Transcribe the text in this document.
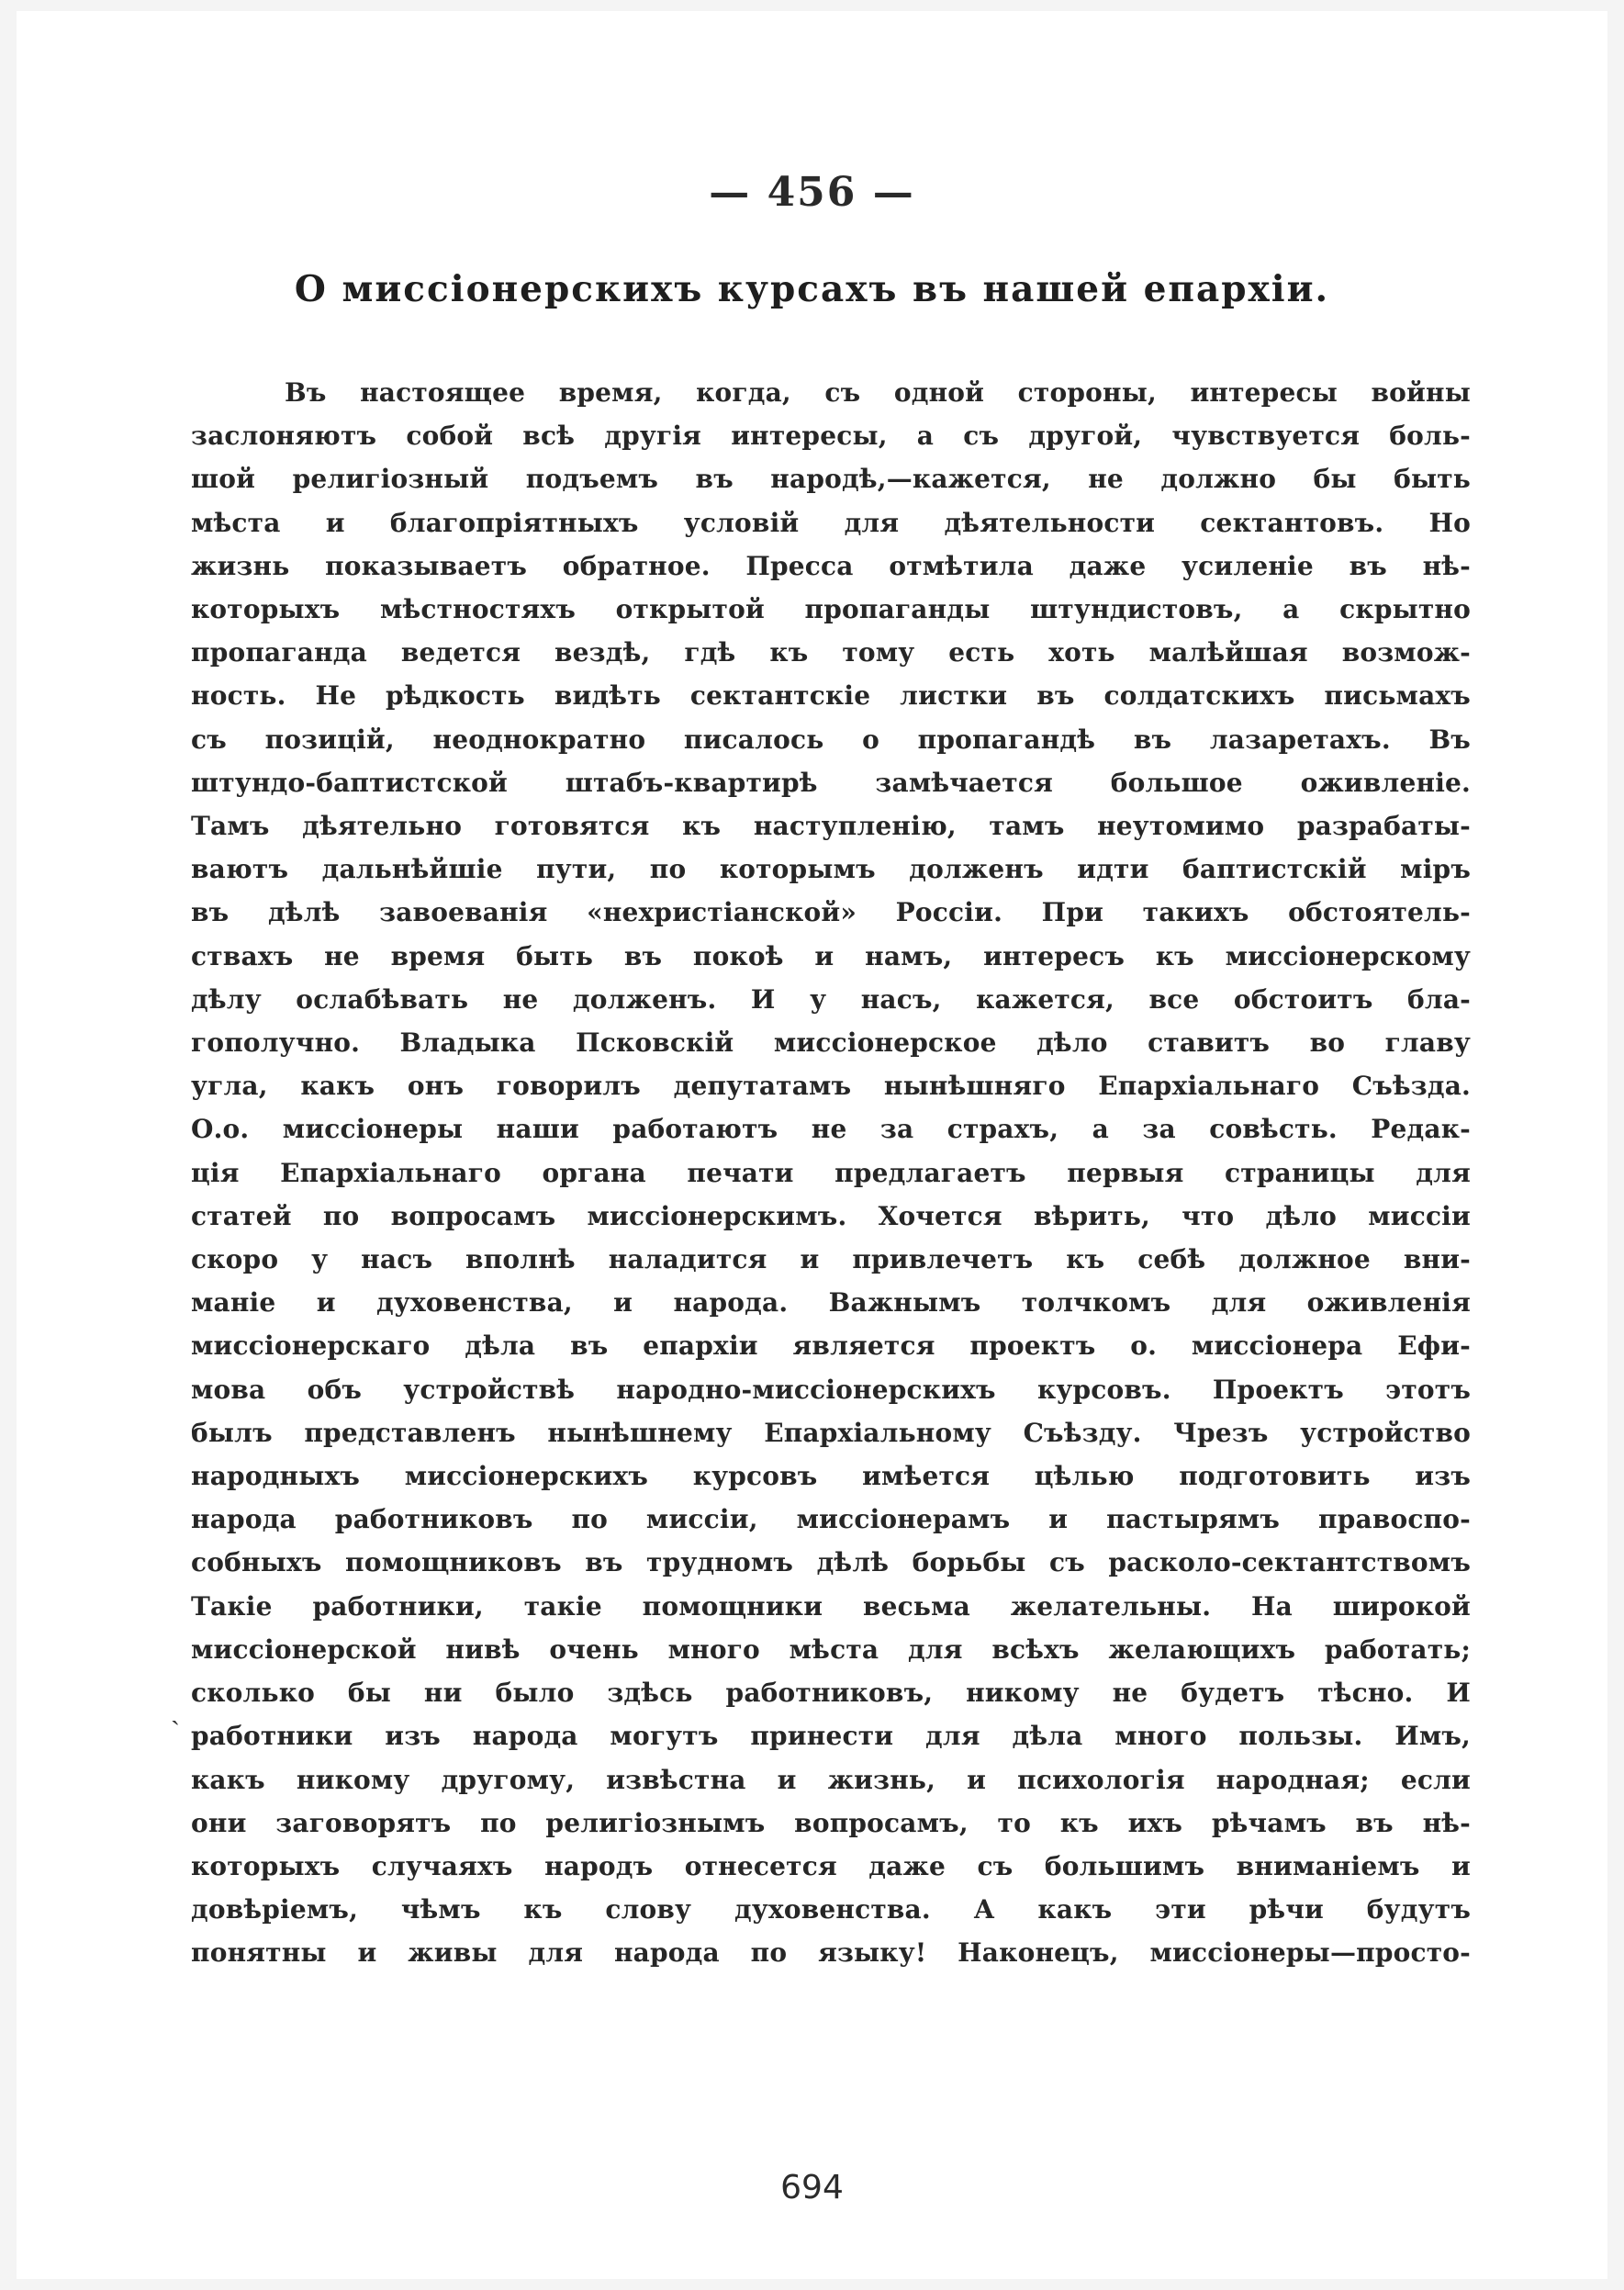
— 456 —
О миссіонерскихъ курсахъ въ нашей епархіи.
Въ настоящее время, когда, съ одной стороны, интересы войны
заслоняютъ собой всѣ другія интересы, а съ другой, чувствуется боль-
шой религіозный подъемъ въ народѣ,—кажется, не должно бы быть
мѣста и благопріятныхъ условій для дѣятельности сектантовъ. Но
жизнь показываетъ обратное. Пресса отмѣтила даже усиленіе въ нѣ-
которыхъ мѣстностяхъ открытой пропаганды штундистовъ, а скрытно
пропаганда ведется вездѣ, гдѣ къ тому есть хоть малѣйшая возмож-
ность. Не рѣдкость видѣть сектантскіе листки въ солдатскихъ письмахъ
съ позицій, неоднократно писалось о пропагандѣ въ лазаретахъ. Въ
штундо-баптистской штабъ-квартирѣ замѣчается большое оживленіе.
Тамъ дѣятельно готовятся къ наступленію, тамъ неутомимо разрабаты-
ваютъ дальнѣйшіе пути, по которымъ долженъ идти баптистскій міръ
въ дѣлѣ завоеванія «нехристіанской» Россіи. При такихъ обстоятель-
ствахъ не время быть въ покоѣ и намъ, интересъ къ миссіонерскому
дѣлу ослабѣвать не долженъ. И у насъ, кажется, все обстоитъ бла-
гополучно. Владыка Псковскій миссіонерское дѣло ставитъ во главу
угла, какъ онъ говорилъ депутатамъ нынѣшняго Епархіальнаго Съѣзда.
О.о. миссіонеры наши работаютъ не за страхъ, а за совѣсть. Редак-
ція Епархіальнаго органа печати предлагаетъ первыя страницы для
статей по вопросамъ миссіонерскимъ. Хочется вѣрить, что дѣло миссіи
скоро у насъ вполнѣ наладится и привлечетъ къ себѣ должное вни-
маніе и духовенства, и народа. Важнымъ толчкомъ для оживленія
миссіонерскаго дѣла въ епархіи является проектъ о. миссіонера Ефи-
мова объ устройствѣ народно-миссіонерскихъ курсовъ. Проектъ этотъ
былъ представленъ нынѣшнему Епархіальному Съѣзду. Чрезъ устройство
народныхъ миссіонерскихъ курсовъ имѣется цѣлью подготовить изъ
народа работниковъ по миссіи, миссіонерамъ и пастырямъ правоспо-
собныхъ помощниковъ въ трудномъ дѣлѣ борьбы съ расколо-сектантствомъ
Такіе работники, такіе помощники весьма желательны. На широкой
миссіонерской нивѣ очень много мѣста для всѣхъ желающихъ работать;
сколько бы ни было здѣсь работниковъ, никому не будетъ тѣсно. И
работники изъ народа могутъ принести для дѣла много пользы. Имъ,
какъ никому другому, извѣстна и жизнь, и психологія народная; если
они заговорятъ по религіознымъ вопросамъ, то къ ихъ рѣчамъ въ нѣ-
которыхъ случаяхъ народъ отнесется даже съ большимъ вниманіемъ и
довѣріемъ, чѣмъ къ слову духовенства. А какъ эти рѣчи будутъ
понятны и живы для народа по языку! Наконецъ, миссіонеры—просто-
ˎ
694
